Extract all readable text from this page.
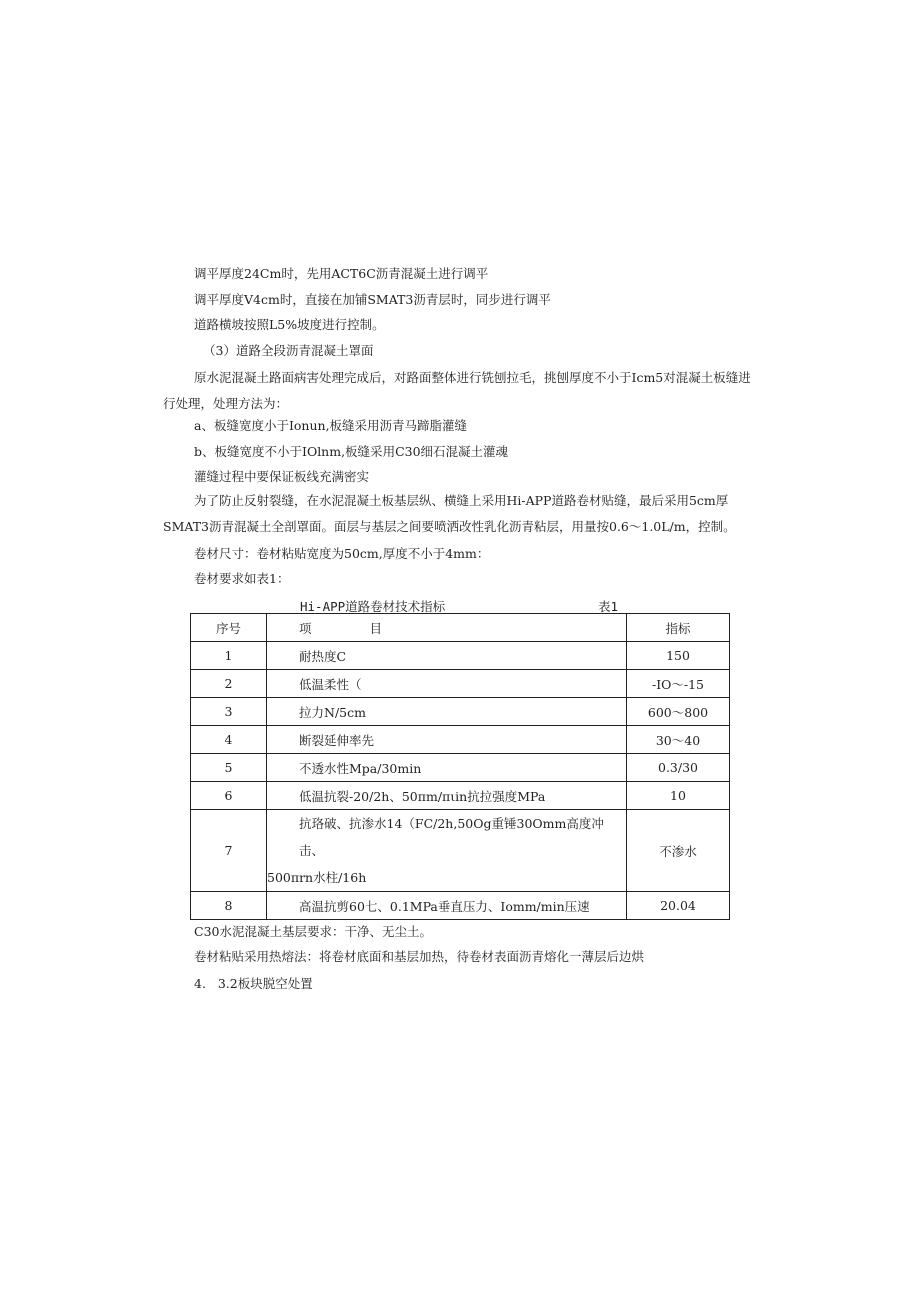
调平厚度24Cm时，先用ACT6C沥青混凝土进行调平
调平厚度V4cm时，直接在加铺SMAT3沥青层时，同步进行调平
道路横坡按照L5%坡度进行控制。
（3）道路全段沥青混凝土罩面

原水泥混凝土路面病害处理完成后，对路面整体进行铣刨拉毛，挑刨厚度不小于Icm5对混凝土板缝进行处理，处理方法为：

a、板缝宽度小于Ionun,板缝采用沥青马蹄脂灌缝
b、板缝宽度不小于IOlnm,板缝采用C30细石混凝土灌魂
灌缝过程中要保证板线充满密实

为了防止反射裂缝，在水泥混凝土板基层纵、横缝上采用Hi-APP道路卷材贴缝，最后采用5cm厚SMAT3沥青混凝土全剖罩面。面层与基层之间要喷洒改性乳化沥青粘层，用量按0.6～1.0L/m，控制。

卷材尺寸：卷材粘贴宽度为50cm,厚度不小于4mm：
卷材要求如表1：
Hi-APP道路卷材技术指标	表1
序号	项 目	指标
1	耐热度C	150
2	低温柔性（	-IO～-15
3	拉力N/5cm	600～800
4	断裂延伸率先	30～40
5	不透水性Mpa/30min	0.3/30
6	低温抗裂-20/2h、50πm/πιin抗拉强度MPa	10
7	抗珞破、抗渗水14（FC/2h,50Og重锤30Omm高度冲击、
500πrn水柱/16h	不渗水
8	高温抗剪60七、0.1MPa垂直压力、Iomm/min压速	20.04
C30水泥混凝土基层要求：干净、无尘土。
卷材粘贴采用热熔法：将卷材底面和基层加热，待卷材表面沥青熔化一薄层后边烘
4.   3.2板块脱空处置
